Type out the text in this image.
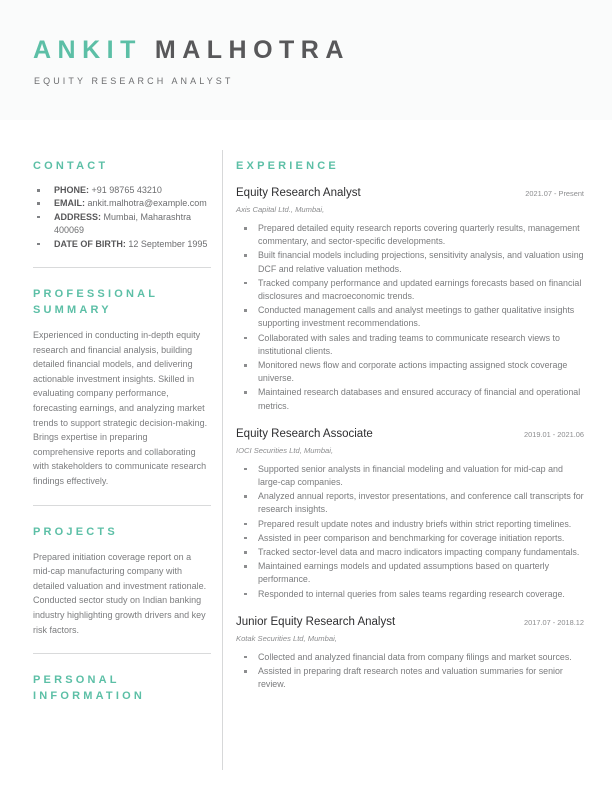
ANKIT MALHOTRA
EQUITY RESEARCH ANALYST
CONTACT
PHONE: +91 98765 43210
EMAIL: ankit.malhotra@example.com
ADDRESS: Mumbai, Maharashtra 400069
DATE OF BIRTH: 12 September 1995
PROFESSIONAL SUMMARY

Experienced in conducting in-depth equity research and financial analysis, building detailed financial models, and delivering actionable investment insights. Skilled in evaluating company performance, forecasting earnings, and analyzing market trends to support strategic decision-making. Brings expertise in preparing comprehensive reports and collaborating with stakeholders to communicate research findings effectively.

PROJECTS

Prepared initiation coverage report on a mid-cap manufacturing company with detailed valuation and investment rationale. Conducted sector study on Indian banking industry highlighting growth drivers and key risk factors.

PERSONAL INFORMATION
EXPERIENCE
Equity Research Analyst	2021.07 - Present
Axis Capital Ltd., Mumbai,
Prepared detailed equity research reports covering quarterly results, management commentary, and sector-specific developments.
Built financial models including projections, sensitivity analysis, and valuation using DCF and relative valuation methods.
Tracked company performance and updated earnings forecasts based on financial disclosures and macroeconomic trends.
Conducted management calls and analyst meetings to gather qualitative insights supporting investment recommendations.
Collaborated with sales and trading teams to communicate research views to institutional clients.
Monitored news flow and corporate actions impacting assigned stock coverage universe.
Maintained research databases and ensured accuracy of financial and operational metrics.
Equity Research Associate	2019.01 - 2021.06
IOCI Securities Ltd, Mumbai,
Supported senior analysts in financial modeling and valuation for mid-cap and large-cap companies.
Analyzed annual reports, investor presentations, and conference call transcripts for research insights.
Prepared result update notes and industry briefs within strict reporting timelines.
Assisted in peer comparison and benchmarking for coverage initiation reports.
Tracked sector-level data and macro indicators impacting company fundamentals.
Maintained earnings models and updated assumptions based on quarterly performance.
Responded to internal queries from sales teams regarding research coverage.
Junior Equity Research Analyst	2017.07 - 2018.12
Kotak Securities Ltd, Mumbai,
Collected and analyzed financial data from company filings and market sources.
Assisted in preparing draft research notes and valuation summaries for senior review.
